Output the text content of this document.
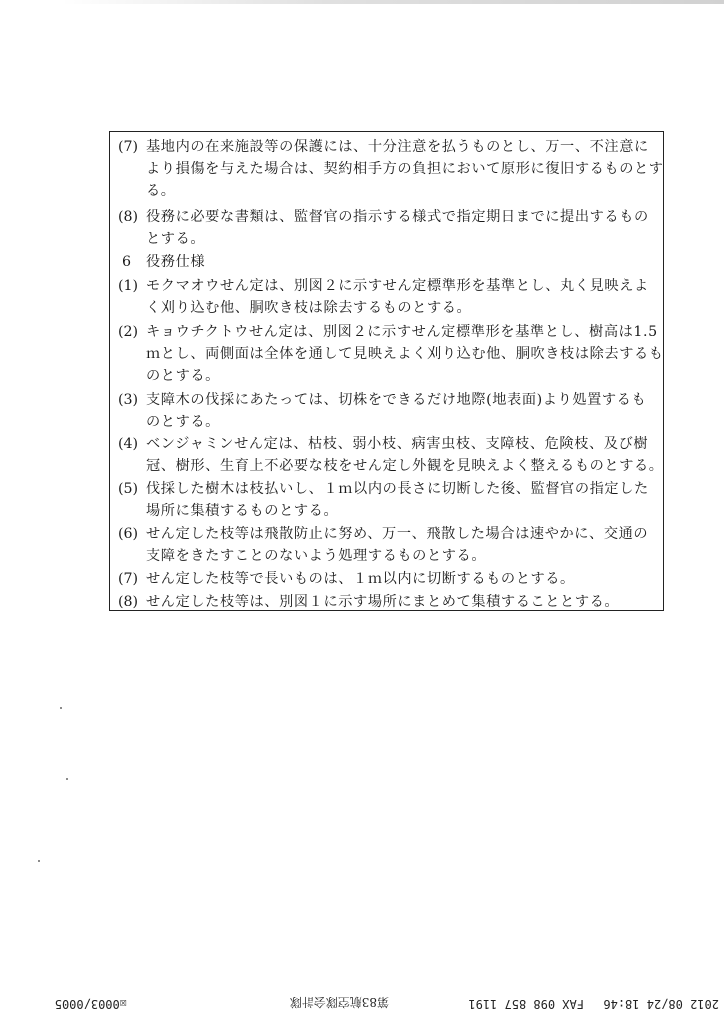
(7) 基地内の在来施設等の保護には、十分注意を払うものとし、万一、不注意に
より損傷を与えた場合は、契約相手方の負担において原形に復旧するものとす
る。
(8) 役務に必要な書類は、監督官の指示する様式で指定期日までに提出するもの
とする。
6 役務仕様
(1) モクマオウせん定は、別図２に示すせん定標準形を基準とし、丸く見映えよ
く刈り込む他、胴吹き枝は除去するものとする。
(2) キョウチクトウせん定は、別図２に示すせん定標準形を基準とし、樹高は1.5
ｍとし、両側面は全体を通して見映えよく刈り込む他、胴吹き枝は除去するも
のとする。
(3) 支障木の伐採にあたっては、切株をできるだけ地際(地表面)より処置するも
のとする。
(4) ベンジャミンせん定は、枯枝、弱小枝、病害虫枝、支障枝、危険枝、及び樹
冠、樹形、生育上不必要な枝をせん定し外観を見映えよく整えるものとする。
(5) 伐採した樹木は枝払いし、１ｍ以内の長さに切断した後、監督官の指定した
場所に集積するものとする。
(6) せん定した枝等は飛散防止に努め、万一、飛散した場合は速やかに、交通の
支障をきたすことのないよう処理するものとする。
(7) せん定した枝等で長いものは、１ｍ以内に切断するものとする。
(8) せん定した枝等は、別図１に示す場所にまとめて集積することとする。
2012 08/24 18:46
FAX 098 857 1191
第83航空隊会計隊
☒0003/0005
